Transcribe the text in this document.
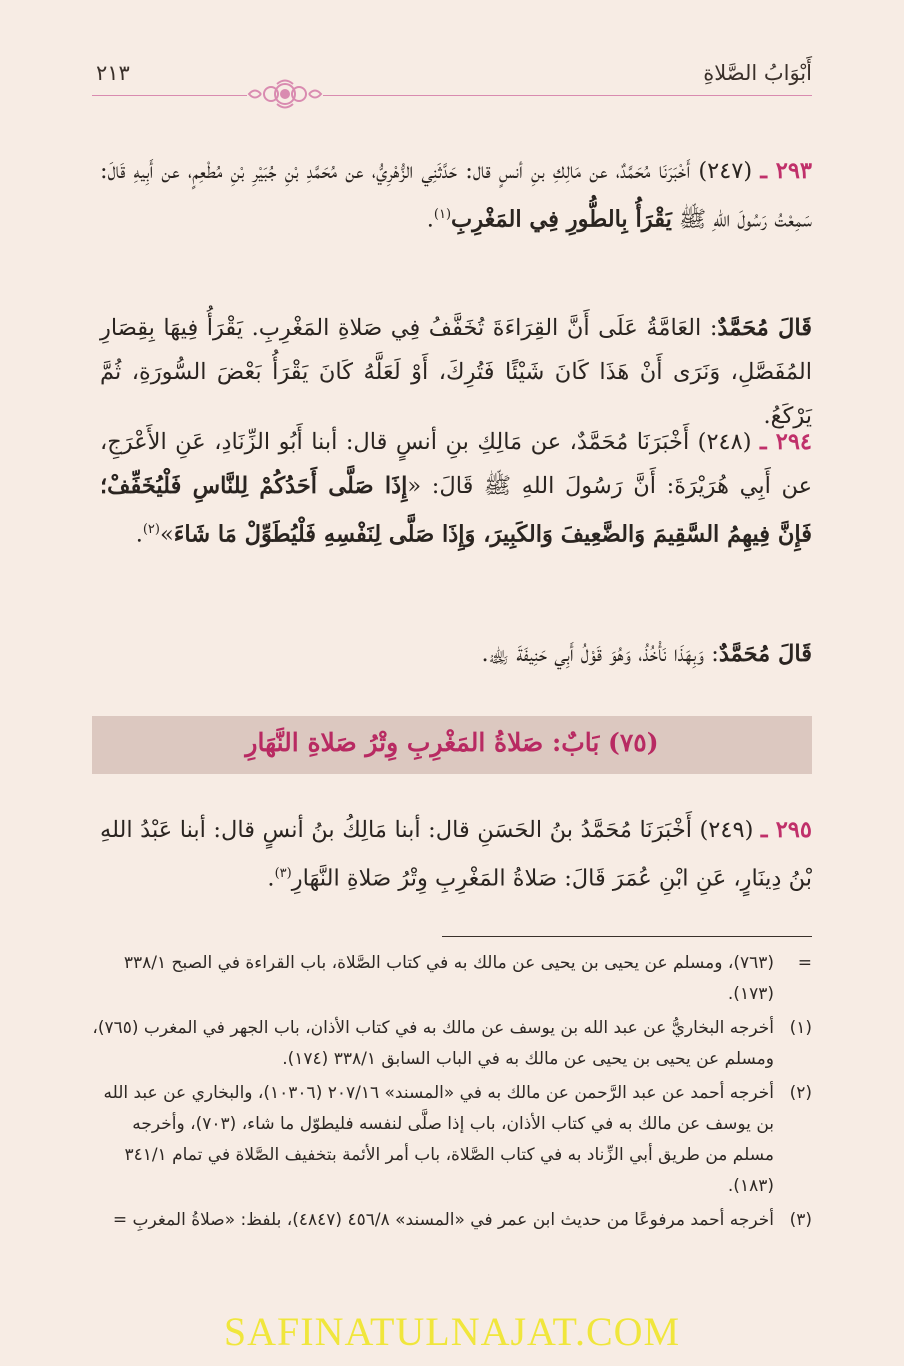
أَبْوَابُ الصَّلاةِ
٢١٣
٢٩٣ ـ (٢٤٧) أَخْبَرَنَا مُحَمَّدٌ، عن مَالِكِ بنِ أنسٍ قال: حَدَّثَنِي الزُّهْرِيُّ، عن مُحَمَّدِ بْنِ جُبَيْرِ بْنِ مُطْعِمٍ، عن أَبِيهِ قَالَ: سَمِعْتُ رَسُولَ اللهِ ﷺ يَقْرَأُ بِالطُّورِ فِي المَغْرِبِ$^{(١)}$.
قَالَ مُحَمَّدٌ: العَامَّةُ عَلَى أَنَّ القِرَاءَةَ تُخَفَّفُ فِي صَلاةِ المَغْرِبِ. يَقْرَأُ فِيهَا بِقِصَارِ المُفَصَّلِ، وَنَرَى أَنْ هَذَا كَانَ شَيْئًا فَتُرِكَ، أَوْ لَعَلَّهُ كَانَ يَقْرَأُ بَعْضَ السُّورَةِ، ثُمَّ يَرْكَعُ.
٢٩٤ ـ (٢٤٨) أَخْبَرَنَا مُحَمَّدٌ، عن مَالِكِ بنِ أنسٍ قال: أبنا أَبُو الزِّنَادِ، عَنِ الأَعْرَجِ، عن أَبِي هُرَيْرَةَ: أَنَّ رَسُولَ اللهِ ﷺ قَالَ: «إِذَا صَلَّى أَحَدُكُمْ لِلنَّاسِ فَلْيُخَفِّفْ؛ فَإِنَّ فِيهِمُ السَّقِيمَ وَالضَّعِيفَ وَالكَبِيرَ، وَإِذَا صَلَّى لِنَفْسِهِ فَلْيُطَوِّلْ مَا شَاءَ»$^{(٢)}$.
قَالَ مُحَمَّدٌ: وَبِهَذَا نَأْخُذُ، وَهُوَ قَوْلُ أَبِي حَنِيفَةَ ﵀.
(٧٥) بَابٌ: صَلاةُ المَغْرِبِ وِتْرُ صَلاةِ النَّهَارِ
٢٩٥ ـ (٢٤٩) أَخْبَرَنَا مُحَمَّدُ بنُ الحَسَنِ قال: أبنا مَالِكُ بنُ أنسٍ قال: أبنا عَبْدُ اللهِ بْنُ دِينَارٍ، عَنِ ابْنِ عُمَرَ قَالَ: صَلاةُ المَغْرِبِ وِتْرُ صَلاةِ النَّهَارِ$^{(٣)}$.
=
(٧٦٣)، ومسلم عن يحيى بن يحيى عن مالك به في كتاب الصَّلاة، باب القراءة في الصبح ٣٣٨/١ (١٧٣).
(١)
أخرجه البخاريُّ عن عبد الله بن يوسف عن مالك به في كتاب الأذان، باب الجهر في المغرب (٧٦٥)، ومسلم عن يحيى بن يحيى عن مالك به في الباب السابق ٣٣٨/١ (١٧٤).
(٢)
أخرجه أحمد عن عبد الرَّحمن عن مالك به في «المسند» ٢٠٧/١٦ (١٠٣٠٦)، والبخاري عن عبد الله بن يوسف عن مالك به في كتاب الأذان، باب إذا صلَّى لنفسه فليطوّل ما شاء، (٧٠٣)، وأخرجه مسلم من طريق أبي الزِّناد به في كتاب الصَّلاة، باب أمر الأئمة بتخفيف الصَّلاة في تمام ٣٤١/١ (١٨٣).
(٣)
أخرجه أحمد مرفوعًا من حديث ابن عمر في «المسند» ٤٥٦/٨ (٤٨٤٧)، بلفظ: «صلاةُ المغربِ =
SAFINATULNAJAT.COM
